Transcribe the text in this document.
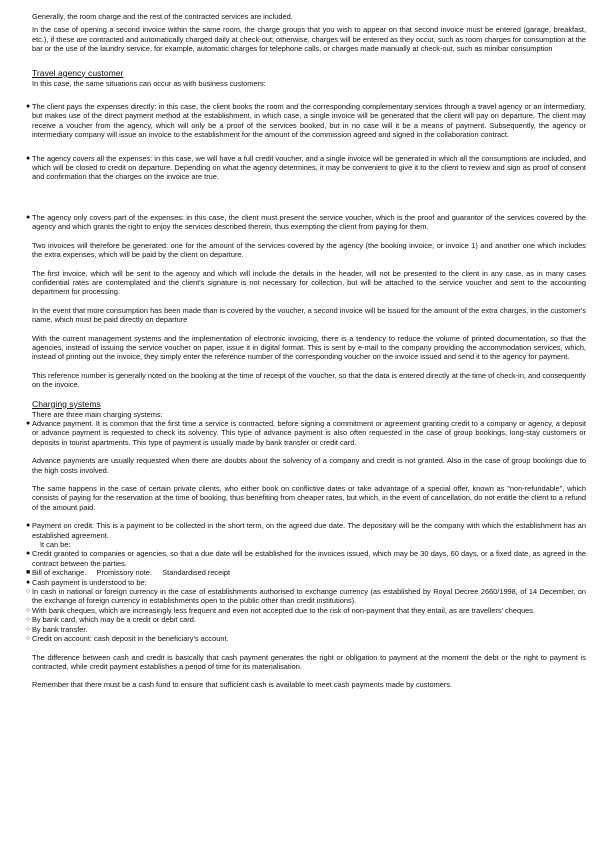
Generally, the room charge and the rest of the contracted services are included.

In the case of opening a second invoice within the same room, the charge groups that you wish to appear on that second invoice must be entered (garage, breakfast, etc.), if these are contracted and automatically charged daily at check-out; otherwise, charges will be entered as they occur, such as room charges for consumption at the bar or the use of the laundry service, for example, automatic charges for telephone calls, or charges made manually at check-out, such as minibar consumption

Travel agency customer

In this case, the same situations can occur as with business customers:

● The client pays the expenses directly: in this case, the client books the room and the corresponding complementary services through a travel agency or an intermediary, but makes use of the direct payment method at the establishment, in which case, a single invoice will be generated that the client will pay on departure. The client may receive a voucher from the agency, which will only be a proof of the services booked, but in no case will it be a means of payment. Subsequently, the agency or intermediary company will issue an invoice to the establishment for the amount of the commission agreed and signed in the collaboration contract.
● The agency covers all the expenses: in this case, we will have a full credit voucher, and a single invoice will be generated in which all the consumptions are included, and which will be closed to credit on departure. Depending on what the agency determines, it may be convenient to give it to the client to review and sign as proof of consent and confirmation that the charges on the invoice are true.
● The agency only covers part of the expenses: in this case, the client must present the service voucher, which is the proof and guarantor of the services covered by the agency and which grants the right to enjoy the services described therein, thus exempting the client from paying for them.

Two invoices will therefore be generated: one for the amount of the services covered by the agency (the booking invoice, or invoice 1) and another one which includes the extra expenses, which will be paid by the client on departure.

The first invoice, which will be sent to the agency and which will include the details in the header, will not be presented to the client in any case, as in many cases confidential rates are contemplated and the client's signature is not necessary for collection, but will be attached to the service voucher and sent to the accounting department for processing.

In the event that more consumption has been made than is covered by the voucher, a second invoice will be issued for the amount of the extra charges, in the customer's name, which must be paid directly on departure

With the current management systems and the implementation of electronic invoicing, there is a tendency to reduce the volume of printed documentation, so that the agencies, instead of issuing the service voucher on paper, issue it in digital format. This is sent by e-mail to the company providing the accommodation services, which, instead of printing out the invoice, they simply enter the reference number of the corresponding voucher on the invoice issued and send it to the agency for payment.

This reference number is generally noted on the booking at the time of receipt of the voucher, so that the data is entered directly at the time of check-in, and consequently on the invoice.

Charging systems

There are three main charging systems:

● Advance payment. It is common that the first time a service is contracted, before signing a commitment or agreement granting credit to a company or agency, a deposit or advance payment is requested to check its solvency. This type of advance payment is also often requested in the case of group bookings, long-stay customers or deposits in tourist apartments. This type of payment is usually made by bank transfer or credit card.

Advance payments are usually requested when there are doubts about the solvency of a company and credit is not granted. Also in the case of group bookings due to the high costs involved.

The same happens in the case of certain private clients, who either book on conflictive dates or take advantage of a special offer, known as "non-refundable", which consists of paying for the reservation at the time of booking, thus benefiting from cheaper rates, but which, in the event of cancellation, do not entitle the client to a refund of the amount paid.

● Payment on credit. This is a payment to be collected in the short term, on the agreed due date. The depositary will be the company with which the establishment has an established agreement.

It can be:

● Credit granted to companies or agencies, so that a due date will be established for the invoices issued, which may be 30 days, 60 days, or a fixed date, as agreed in the contract between the parties.
■ Bill of exchange. Promissory note. Standardised receipt
● Cash payment is understood to be:
○ In cash in national or foreign currency in the case of establishments authorised to exchange currency (as established by Royal Decree 2660/1998, of 14 December, on the exchange of foreign currency in establishments open to the public other than credit institutions).
○ With bank cheques, which are increasingly less frequent and even not accepted due to the risk of non-payment that they entail, as are travellers' cheques.
○ By bank card, which may be a credit or debit card.
○ By bank transfer.
○ Credit on account: cash deposit in the beneficiary's account.

The difference between cash and credit is basically that cash payment generates the right or obligation to payment at the moment the debt or the right to payment is contracted, while credit payment establishes a period of time for its materialisation.

Remember that there must be a cash fund to ensure that sufficient cash is available to meet cash payments made by customers.
